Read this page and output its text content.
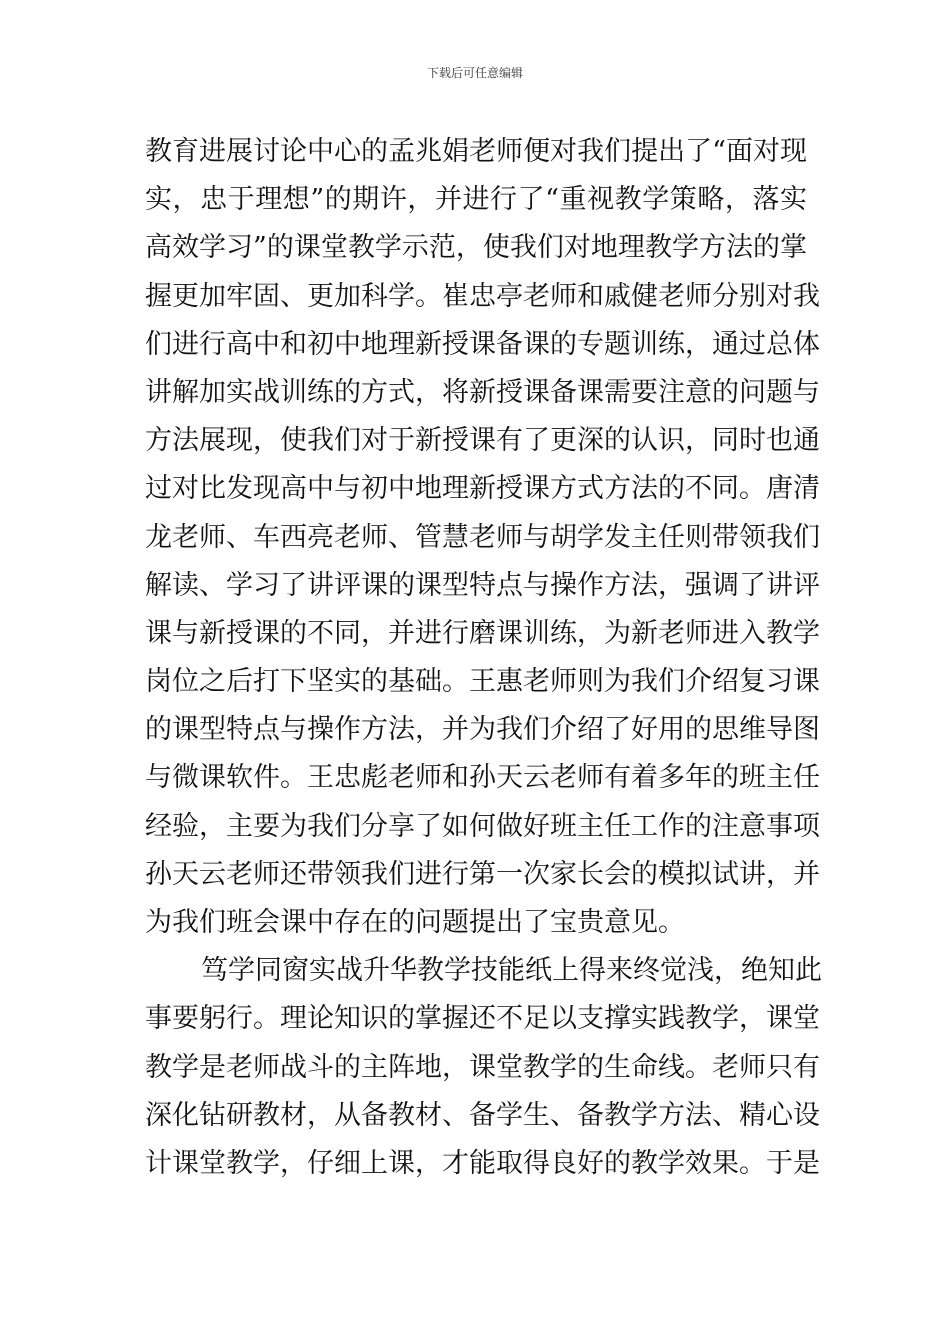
下载后可任意编辑
教育进展讨论中心的孟兆娟老师便对我们提出了“面对现
实，忠于理想”的期许，并进行了“重视教学策略，落实
高效学习”的课堂教学示范，使我们对地理教学方法的掌
握更加牢固、更加科学。崔忠亭老师和戚健老师分别对我
们进行高中和初中地理新授课备课的专题训练，通过总体
讲解加实战训练的方式，将新授课备课需要注意的问题与
方法展现，使我们对于新授课有了更深的认识，同时也通
过对比发现高中与初中地理新授课方式方法的不同。唐清
龙老师、车西亮老师、管慧老师与胡学发主任则带领我们
解读、学习了讲评课的课型特点与操作方法，强调了讲评
课与新授课的不同，并进行磨课训练，为新老师进入教学
岗位之后打下坚实的基础。王惠老师则为我们介绍复习课
的课型特点与操作方法，并为我们介绍了好用的思维导图
与微课软件。王忠彪老师和孙天云老师有着多年的班主任
经验，主要为我们分享了如何做好班主任工作的注意事项
孙天云老师还带领我们进行第一次家长会的模拟试讲，并
为我们班会课中存在的问题提出了宝贵意见。
笃学同窗实战升华教学技能纸上得来终觉浅，绝知此
事要躬行。理论知识的掌握还不足以支撑实践教学，课堂
教学是老师战斗的主阵地，课堂教学的生命线。老师只有
深化钻研教材，从备教材、备学生、备教学方法、精心设
计课堂教学，仔细上课，才能取得良好的教学效果。于是
